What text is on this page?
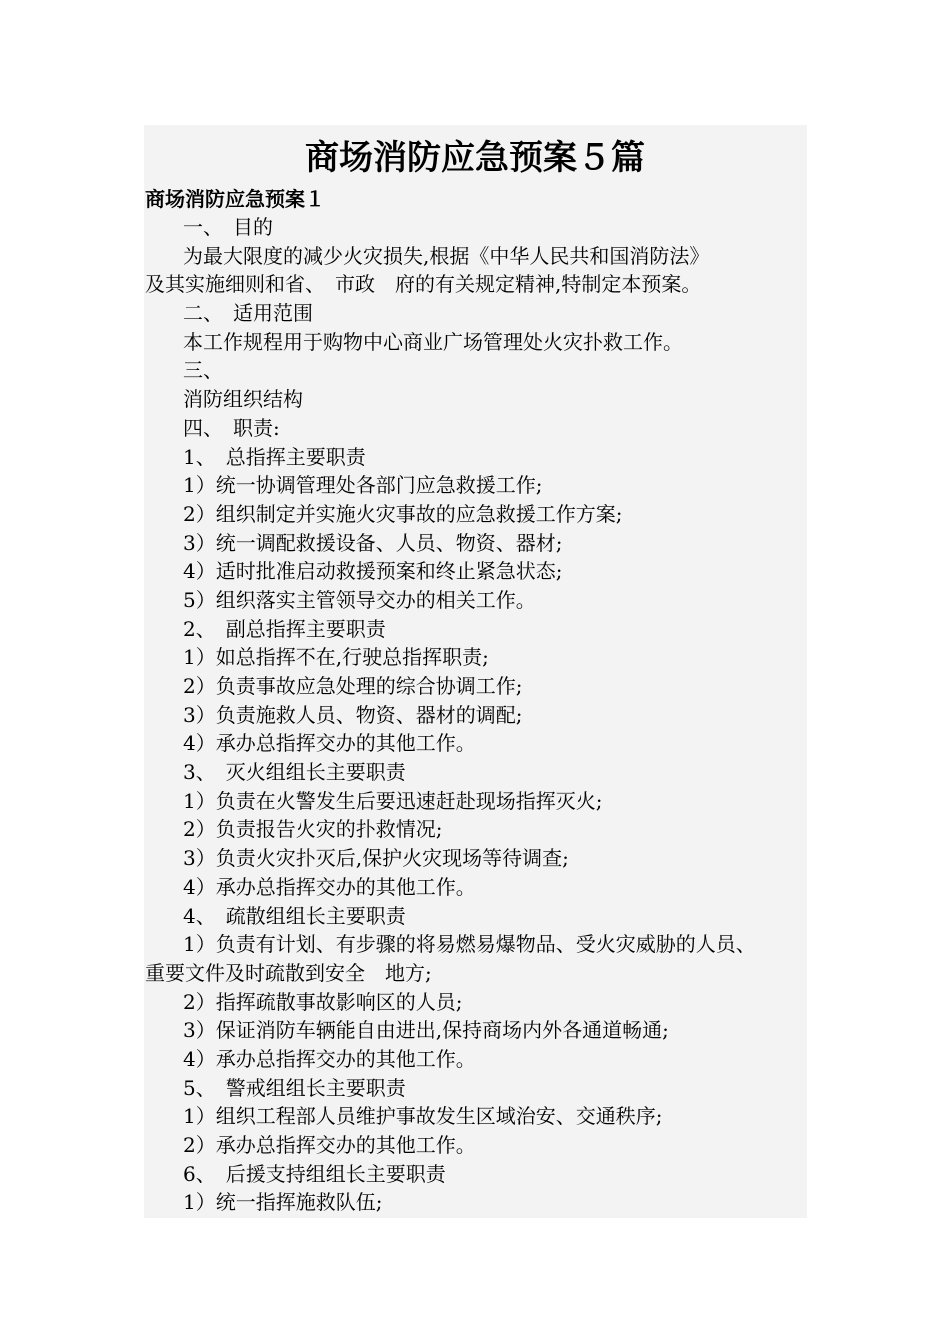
商场消防应急预案５篇
商场消防应急预案１
一、　目的
为最大限度的减少火灾损失,根据《中华人民共和国消防法》
及其实施细则和省、　市政　府的有关规定精神,特制定本预案。
二、　适用范围
本工作规程用于购物中心商业广场管理处火灾扑救工作。
三、
消防组织结构
四、　职责:
1、　总指挥主要职责
1）统一协调管理处各部门应急救援工作;
2）组织制定并实施火灾事故的应急救援工作方案;
3）统一调配救援设备、人员、物资、器材;
4）适时批准启动救援预案和终止紧急状态;
5）组织落实主管领导交办的相关工作。
2、　副总指挥主要职责
1）如总指挥不在,行驶总指挥职责;
2）负责事故应急处理的综合协调工作;
3）负责施救人员、物资、器材的调配;
4）承办总指挥交办的其他工作。
3、　灭火组组长主要职责
1）负责在火警发生后要迅速赶赴现场指挥灭火;
2）负责报告火灾的扑救情况;
3）负责火灾扑灭后,保护火灾现场等待调查;
4）承办总指挥交办的其他工作。
4、　疏散组组长主要职责
1）负责有计划、有步骤的将易燃易爆物品、受火灾威胁的人员、
重要文件及时疏散到安全　地方;
2）指挥疏散事故影响区的人员;
3）保证消防车辆能自由进出,保持商场内外各通道畅通;
4）承办总指挥交办的其他工作。
5、　警戒组组长主要职责
1）组织工程部人员维护事故发生区域治安、交通秩序;
2）承办总指挥交办的其他工作。
6、　后援支持组组长主要职责
1）统一指挥施救队伍;
